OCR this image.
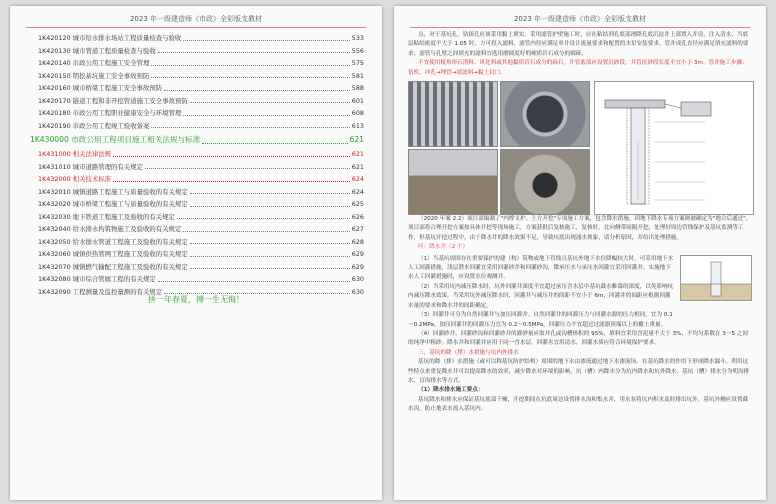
2023 年一级建造师《市政》全彩版支教材
1K420120 城市给水排水场站工程质量检查与验收	533
1K420130 城市管道工程质量检查与验收	556
1K420140 市政公用工程施工安全管理	575
1K420150 明挖基坑施工安全事故预防	581
1K420160 城市桥梁工程施工安全事故预防	588
1K420170 隧道工程和非开挖管道施工安全事故预防	601
1K420180 市政公用工程职业健康安全与环境管理	608
1K420190 市政公用工程竣工验收备案	613
1K430000 市政公用工程项目施工相关法规与标准	621
1K431000 相关法律法规	621
1K431010 城市道路管理的有关规定	621
1K432000 相关技术标准	624
1K432010 城镇道路工程施工与质量验收的有关规定	624
1K432020 城市桥梁工程施工与质量验收的有关规定	625
1K432030 地下铁道工程施工及验收的有关规定	626
1K432040 给水排水构筑物施工及验收的有关规定	627
1K432050 给水排水管道工程施工及验收的有关规定	628
1K432060 城镇供热管网工程施工及验收的有关规定	629
1K432070 城镇燃气输配工程施工及验收的有关规定	629
1K432080 城市综合管廊工程的有关规定	630
1K432090 工程测量及监控量测的有关规定	630
拼一年春夏，搏一生无悔！
2023 年一级建造师《市政》全彩版支教材

点，对于基坑孔、钻探孔应该采用黏土填实。采用滤管护壁施工时，应在粘结剂孔底部滑降孔底沉淀井上部置入并设，注入清水，当底层粘结密度不大于 1.05 时，方可投入滤料。滤管内径应满足单井设计流量要求和配置的水泵安装要求。管井成孔直径应满足填充滤料的要求；滤管与孔壁之间填充的滤料宜选用磨圆度好的硬质岩石成分的圆砾，

不宜使用棱角形石渣料、风化料或其他黏质岩石成分的砾石。井管底部应设置沉砂段，井管沉砂段长度不宜小于 3m。管井施工步骤：钻机、冲孔→埋管→填滤料→黏土封口。

（2020 年案 2.2）项目部编制了"内撑支护、土方开挖"专项施工方案，包含降水措施。因地下降水专项方案则被确定为"地合后通过"，项目部将合理开挖方案按具体开挖等现场施工，方案获批后复核施工，复核时，北向侧带间隔开挖，处理好周边管线保护及基坑监测等工作，但基坑开挖过程中，由于降水井的降水效果不足，导致坑底出现涌水现象，请分析原因，并给出处理措施。

问：降水井（2 个）

（1）当基坑周围存在重要保护的建（构）筑物或地下管线且基坑外地下水位降幅较大时，可采用地下水人工回灌措施，浅层潜水回灌宜采用回灌砂井和回灌砂沟，微承压水与承压水回灌宜采用回灌井。实施地下水人工回灌措施时，应设置水位观测井。

（2）当采用坑内减压降水时，坑外回灌井深度不宜超过承压含水层中基坑截水帷幕的深度，以免影响坑内减压降水效果。当采用坑外减压降水时，回灌井与减压井的间距不宜小于 6m，回灌井的间距应根据回灌水量的要求和降水井的间距确定。

（3）回灌井可分为自然回灌井与加压回灌井。自然回灌井的回灌压力与回灌水源的压力相同，宜为 0.1～0.2MPa。加压回灌井的回灌压力宜为 0.2～0.5MPa，回灌压力不宜超过过滤器顶端以上的覆土重量。

（4）回灌砂井、回灌砂沟和回灌砂井的灌砂量应取井孔或沟槽体积的 95%，填料宜采用含泥量不大于 3%，不均匀系数在 3～5 之间的纯净中粗砂。降水井和回灌井应用于同一含水层，回灌水宜用清水，回灌水质应符合环境保护要求。

三、基坑的降（排）水措施与坑内外排水

基坑的降（排）水措施（或可以称基坑防护结构）周围的地下水由渗流通过地下水渗流场，在基坑降水的作用下形成降水漏斗。利用这些特点来重复降水井可以提高降水的效率，减少降水对环境的影响。坑（槽）内降水分为坑内降水和坑外降水；基坑（槽）排水分为明沟排水、盲沟排水等方式。

（1）降水排水施工要点：

基坑降水和排水应保证基坑底部干燥，开挖期间在坑底周边设置排水沟和集水井，用水泵将坑内积水及时排出坑外。基坑外侧应设置截水沟，防止地表水流入基坑内。
